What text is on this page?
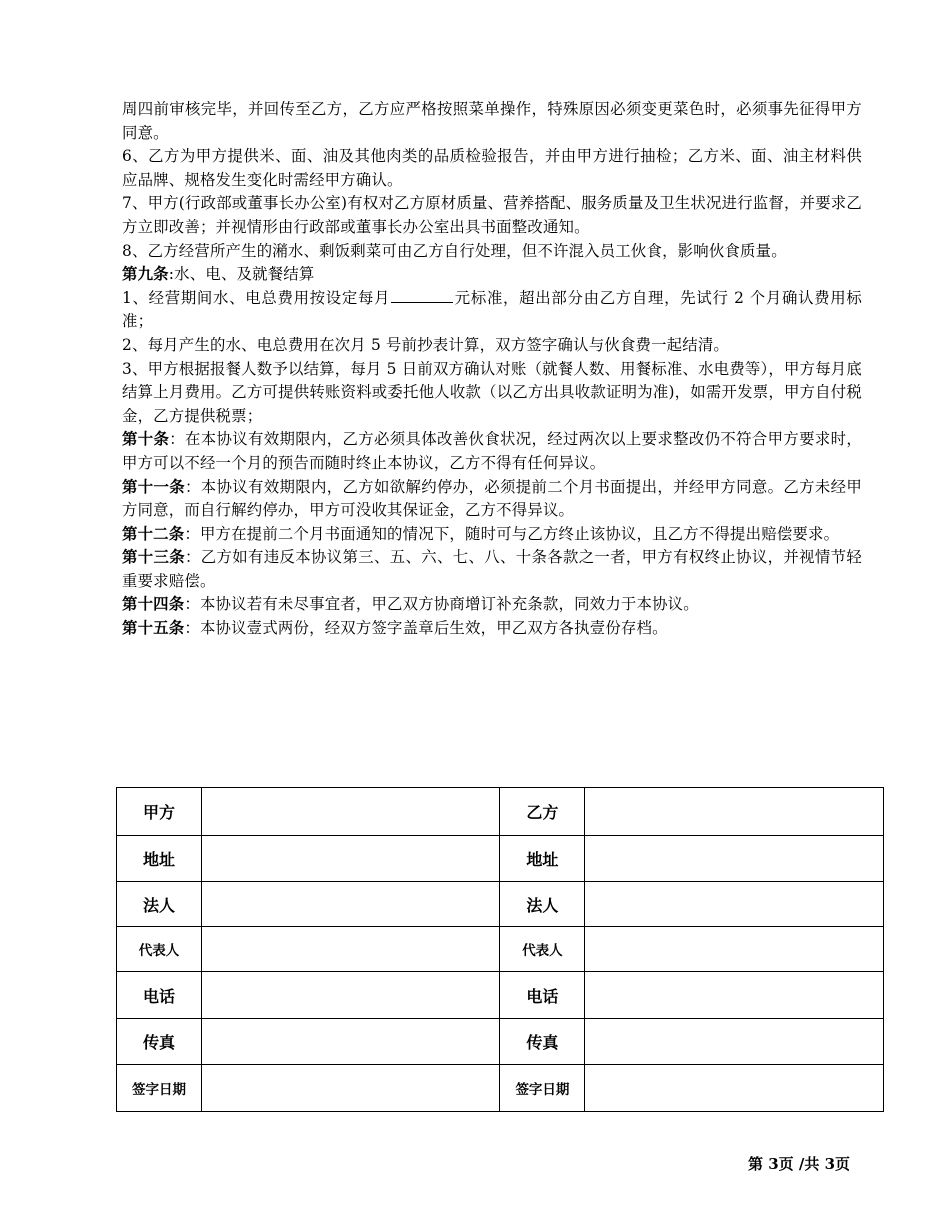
周四前审核完毕，并回传至乙方，乙方应严格按照菜单操作，特殊原因必须变更菜色时，必须事先征得甲方同意。

6、乙方为甲方提供米、面、油及其他肉类的品质检验报告，并由甲方进行抽检；乙方米、面、油主材料供应品牌、规格发生变化时需经甲方确认。

7、甲方(行政部或董事长办公室)有权对乙方原材质量、营养搭配、服务质量及卫生状况进行监督，并要求乙方立即改善；并视情形由行政部或董事长办公室出具书面整改通知。

8、乙方经营所产生的潲水、剩饭剩菜可由乙方自行处理，但不许混入员工伙食，影响伙食质量。

第九条:水、电、及就餐结算

1、经营期间水、电总费用按设定每月	元标准，超出部分由乙方自理，先试行 2 个月确认费用标准；

2、每月产生的水、电总费用在次月 5 号前抄表计算，双方签字确认与伙食费一起结清。

3、甲方根据报餐人数予以结算，每月 5 日前双方确认对账（就餐人数、用餐标准、水电费等），甲方每月底结算上月费用。乙方可提供转账资料或委托他人收款（以乙方出具收款证明为准)，如需开发票，甲方自付税金，乙方提供税票；

第十条：在本协议有效期限内，乙方必须具体改善伙食状况，经过两次以上要求整改仍不符合甲方要求时，甲方可以不经一个月的预告而随时终止本协议，乙方不得有任何异议。

第十一条：本协议有效期限内，乙方如欲解约停办，必须提前二个月书面提出，并经甲方同意。乙方未经甲方同意，而自行解约停办，甲方可没收其保证金，乙方不得异议。

第十二条：甲方在提前二个月书面通知的情况下，随时可与乙方终止该协议，且乙方不得提出赔偿要求。

第十三条：乙方如有违反本协议第三、五、六、七、八、十条各款之一者，甲方有权终止协议，并视情节轻重要求赔偿。

第十四条：本协议若有未尽事宜者，甲乙双方协商增订补充条款，同效力于本协议。

第十五条：本协议壹式两份，经双方签字盖章后生效，甲乙双方各执壹份存档。

甲方		乙方	
地址		地址	
法人		法人	
代表人		代表人	
电话		电话	
传真		传真	
签字日期		签字日期	
第 3页 /共 3页
